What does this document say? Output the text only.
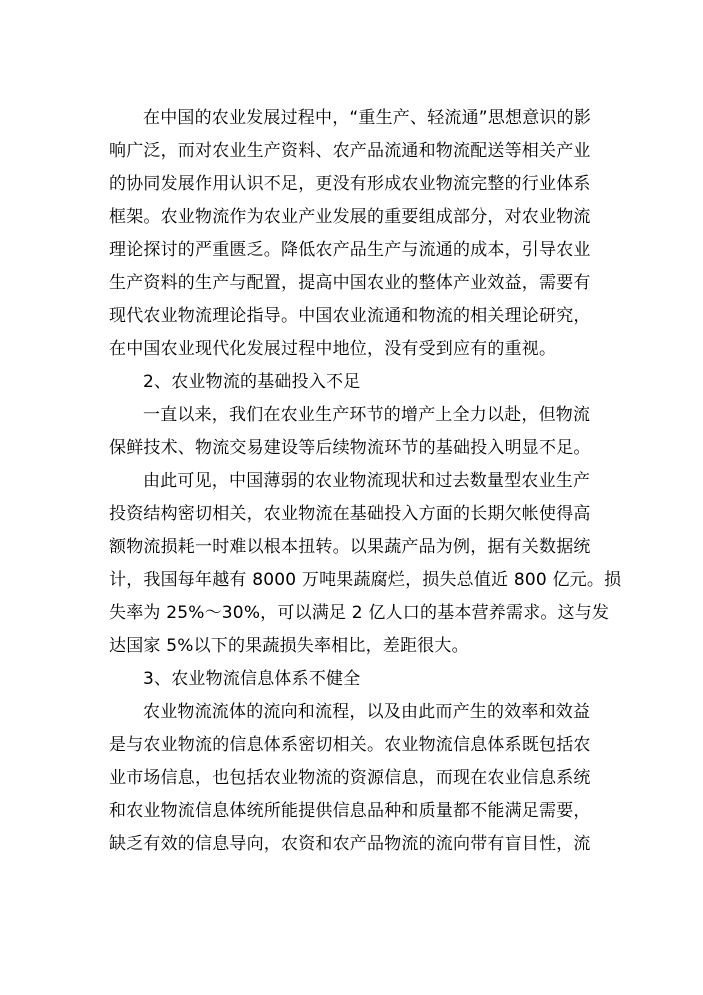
在中国的农业发展过程中，“重生产、轻流通”思想意识的影
响广泛，而对农业生产资料、农产品流通和物流配送等相关产业
的协同发展作用认识不足，更没有形成农业物流完整的行业体系
框架。农业物流作为农业产业发展的重要组成部分，对农业物流
理论探讨的严重匮乏。降低农产品生产与流通的成本，引导农业
生产资料的生产与配置，提高中国农业的整体产业效益，需要有
现代农业物流理论指导。中国农业流通和物流的相关理论研究，
在中国农业现代化发展过程中地位，没有受到应有的重视。
2、农业物流的基础投入不足
一直以来，我们在农业生产环节的增产上全力以赴，但物流
保鲜技术、物流交易建设等后续物流环节的基础投入明显不足。
由此可见，中国薄弱的农业物流现状和过去数量型农业生产
投资结构密切相关，农业物流在基础投入方面的长期欠帐使得高
额物流损耗一时难以根本扭转。以果蔬产品为例，据有关数据统
计，我国每年越有 8000 万吨果蔬腐烂，损失总值近 800 亿元。损
失率为 25%～30%，可以满足 2 亿人口的基本营养需求。这与发
达国家 5%以下的果蔬损失率相比，差距很大。
3、农业物流信息体系不健全
农业物流流体的流向和流程，以及由此而产生的效率和效益
是与农业物流的信息体系密切相关。农业物流信息体系既包括农
业市场信息，也包括农业物流的资源信息，而现在农业信息系统
和农业物流信息体统所能提供信息品种和质量都不能满足需要，
缺乏有效的信息导向，农资和农产品物流的流向带有盲目性，流
